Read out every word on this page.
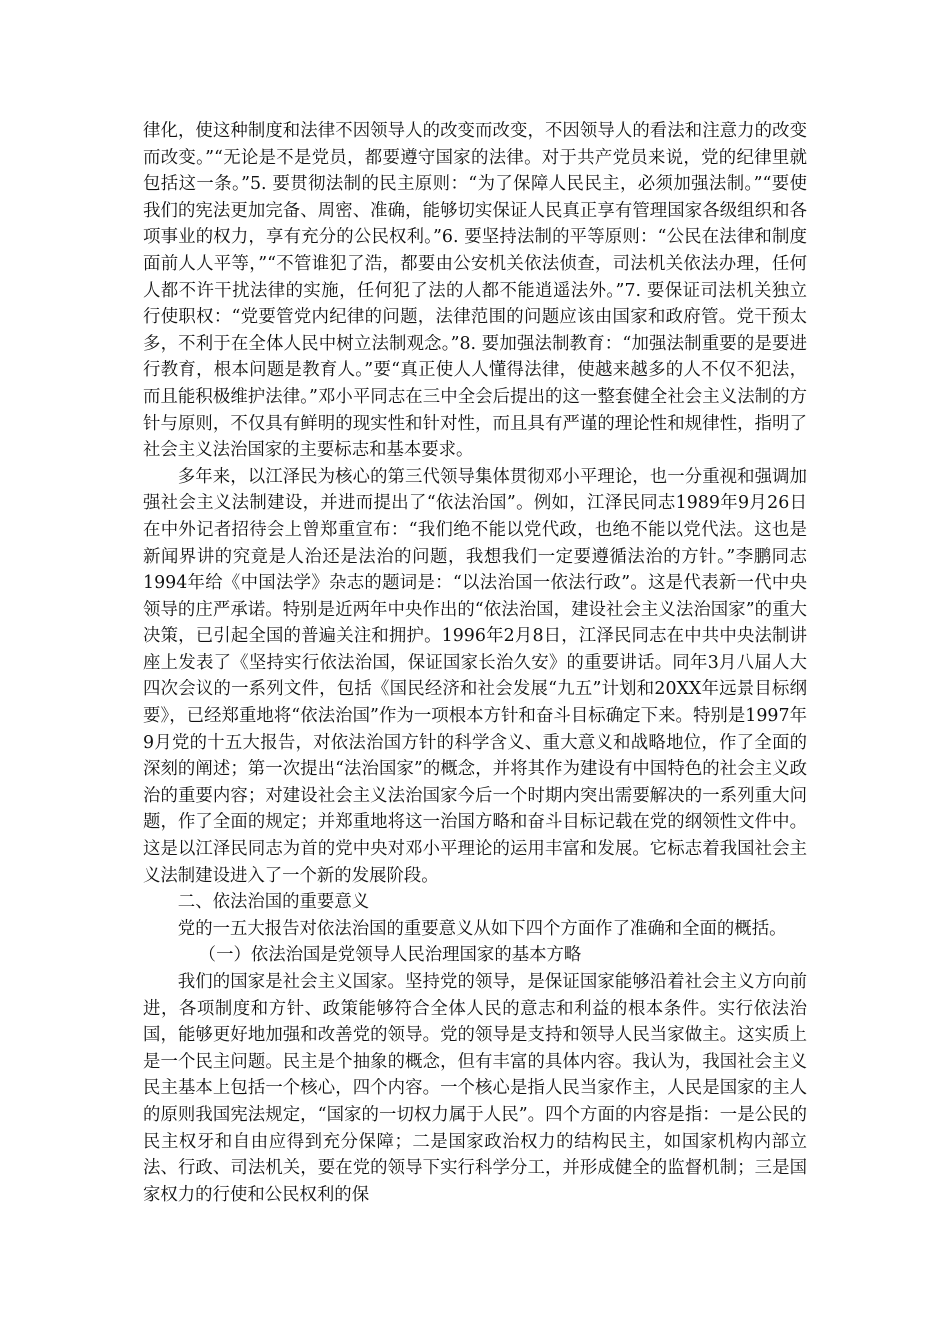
律化，使这种制度和法律不因领导人的改变而改变，不因领导人的看法和注意力的改变而改变。”“无论是不是党员，都要遵守国家的法律。对于共产党员来说，党的纪律里就包括这一条。”5. 要贯彻法制的民主原则：“为了保障人民民主，必须加强法制。”“要使我们的宪法更加完备、周密、准确，能够切实保证人民真正享有管理国家各级组织和各项事业的权力，享有充分的公民权利。”6. 要坚持法制的平等原则：“公民在法律和制度面前人人平等，”“不管谁犯了浩，都要由公安机关依法侦查，司法机关依法办理，任何人都不许干扰法律的实施，任何犯了法的人都不能逍遥法外。”7. 要保证司法机关独立行使职权：“党要管党内纪律的问题，法律范围的问题应该由国家和政府管。党干预太多，不利于在全体人民中树立法制观念。”8. 要加强法制教育：“加强法制重要的是要进行教育，根本问题是教育人。”要“真正使人人懂得法律，使越来越多的人不仅不犯法，而且能积极维护法律。”邓小平同志在三中全会后提出的这一整套健全社会主义法制的方针与原则，不仅具有鲜明的现实性和针对性，而且具有严谨的理论性和规律性，指明了社会主义法治国家的主要标志和基本要求。

多年来，以江泽民为核心的第三代领导集体贯彻邓小平理论，也一分重视和强调加强社会主义法制建设，并进而提出了“依法治国”。例如，江泽民同志1989年9月26日在中外记者招待会上曾郑重宣布：“我们绝不能以党代政，也绝不能以党代法。这也是新闻界讲的究竟是人治还是法治的问题，我想我们一定要遵循法治的方针。”李鹏同志1994年给《中国法学》杂志的题词是：“以法治国一依法行政”。这是代表新一代中央领导的庄严承诺。特别是近两年中央作出的“依法治国，建设社会主义法治国家”的重大决策，已引起全国的普遍关注和拥护。1996年2月8日，江泽民同志在中共中央法制讲座上发表了《坚持实行依法治国，保证国家长治久安》的重要讲话。同年3月八届人大四次会议的一系列文件，包括《国民经济和社会发展“九五”计划和20XX年远景目标纲要》，已经郑重地将“依法治国”作为一项根本方针和奋斗目标确定下来。特别是1997年9月党的十五大报告，对依法治国方针的科学含义、重大意义和战略地位，作了全面的深刻的阐述；第一次提出“法治国家”的概念，并将其作为建设有中国特色的社会主义政治的重要内容；对建设社会主义法治国家今后一个时期内突出需要解决的一系列重大问题，作了全面的规定；并郑重地将这一治国方略和奋斗目标记载在党的纲领性文件中。这是以江泽民同志为首的党中央对邓小平理论的运用丰富和发展。它标志着我国社会主义法制建设进入了一个新的发展阶段。

二、依法治国的重要意义

党的一五大报告对依法治国的重要意义从如下四个方面作了准确和全面的概括。

（一）依法治国是党领导人民治理国家的基本方略

我们的国家是社会主义国家。坚持党的领导，是保证国家能够沿着社会主义方向前进，各项制度和方针、政策能够符合全体人民的意志和利益的根本条件。实行依法治国，能够更好地加强和改善党的领导。党的领导是支持和领导人民当家做主。这实质上是一个民主问题。民主是个抽象的概念，但有丰富的具体内容。我认为，我国社会主义民主基本上包括一个核心，四个内容。一个核心是指人民当家作主，人民是国家的主人的原则我国宪法规定，“国家的一切权力属于人民”。四个方面的内容是指：一是公民的民主权牙和自由应得到充分保障；二是国家政治权力的结构民主，如国家机构内部立法、行政、司法机关，要在党的领导下实行科学分工，并形成健全的监督机制；三是国家权力的行使和公民权利的保
